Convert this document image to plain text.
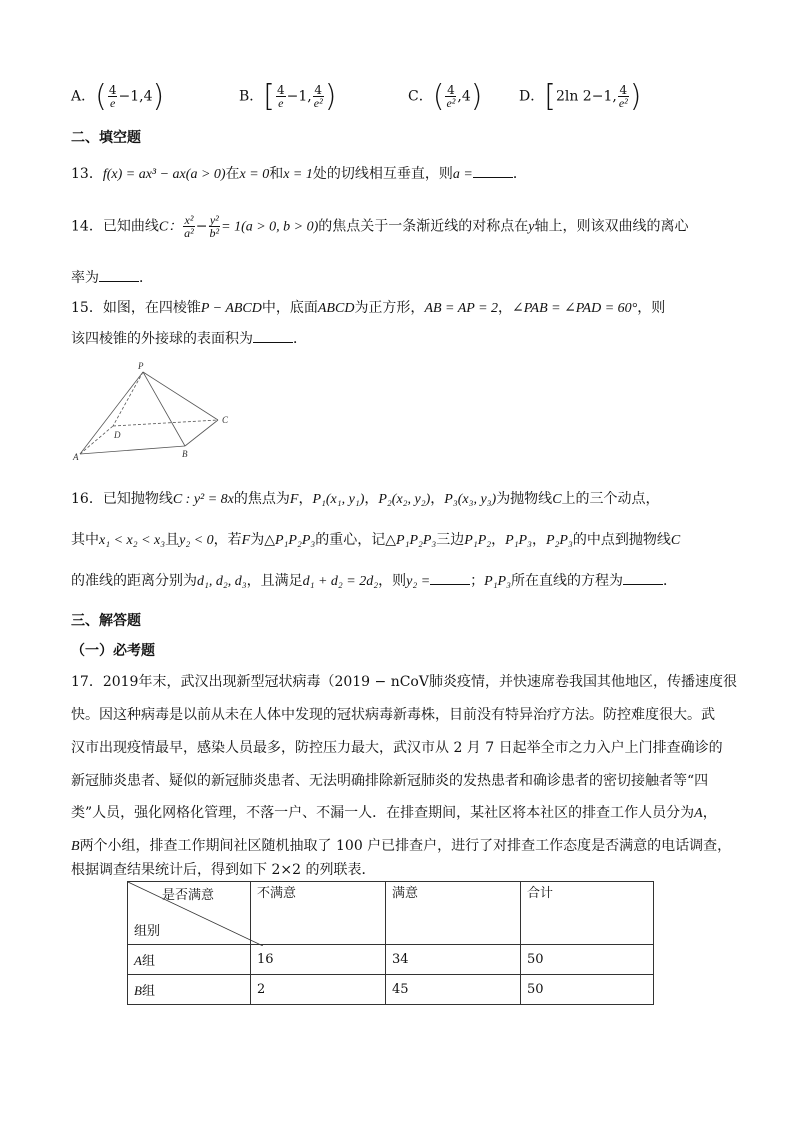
A．( $\frac{4}{e} -1,4$)	B．[ $\frac{4}{e} -1$, $\frac{4}{\text{e²}}$ )	C．( $\frac{4}{\text{e²}} ,4$)	D．[2ln 2−1, $\frac{4}{\text{e²}}$ )
二、填空题
13．f(x) = ax³ − ax(a > 0)在x = 0和x = 1处的切线相互垂直，则a =	．
14．已知曲线C： $\frac{\text{x²}}{\text{a²}} - \frac{\text{y²}}{\text{b²}} = 1(a > 0$, b > 0)的焦点关于一条渐近线的对称点在y轴上，则该双曲线的离心
率为	．
15．如图，在四棱锥P − ABCD中，底面ABCD为正方形，AB = AP = 2，∠PAB = ∠PAD = 60°，则
该四棱锥的外接球的表面积为	．
P
A	B
C
D
16．已知抛物线C : y² = 8x的焦点为F，P₁(x₁, y₁)，P₂(x₂, y₂)，P₃(x₃, y₃)为抛物线C上的三个动点，
其中x₁ < x₂ < x₃且y₂ < 0，若F为△P₁P₂P₃的重心，记△P₁P₂P₃三边P₁P₂，P₁P₃，P₂P₃的中点到抛物线C
的准线的距离分别为d₁, d₂, d₃，且满足d₁ + d₂ = 2d₂，则y₂ =	；P₁P₃所在直线的方程为	．
三、解答题
（一）必考题
17．2019年末，武汉出现新型冠状病毒（2019 − nCoV肺炎疫情，并快速席卷我国其他地区，传播速度很
快。因这种病毒是以前从未在人体中发现的冠状病毒新毒株，目前没有特异治疗方法。防控难度很大。武
汉市出现疫情最早，感染人员最多，防控压力最大，武汉市从 2 月 7 日起举全市之力入户上门排查确诊的
新冠肺炎患者、疑似的新冠肺炎患者、无法明确排除新冠肺炎的发热患者和确诊患者的密切接触者等“四
类”人员，强化网格化管理，不落一户、不漏一人．在排查期间，某社区将本社区的排查工作人员分为A，
B两个小组，排查工作期间社区随机抽取了 100 户已排查户，进行了对排查工作态度是否满意的电话调查，
根据调查结果统计后，得到如下 2×2 的列联表．
是否满意
组别	不满意	满意	合计
A组	16	34	50
B组	2	45	50
